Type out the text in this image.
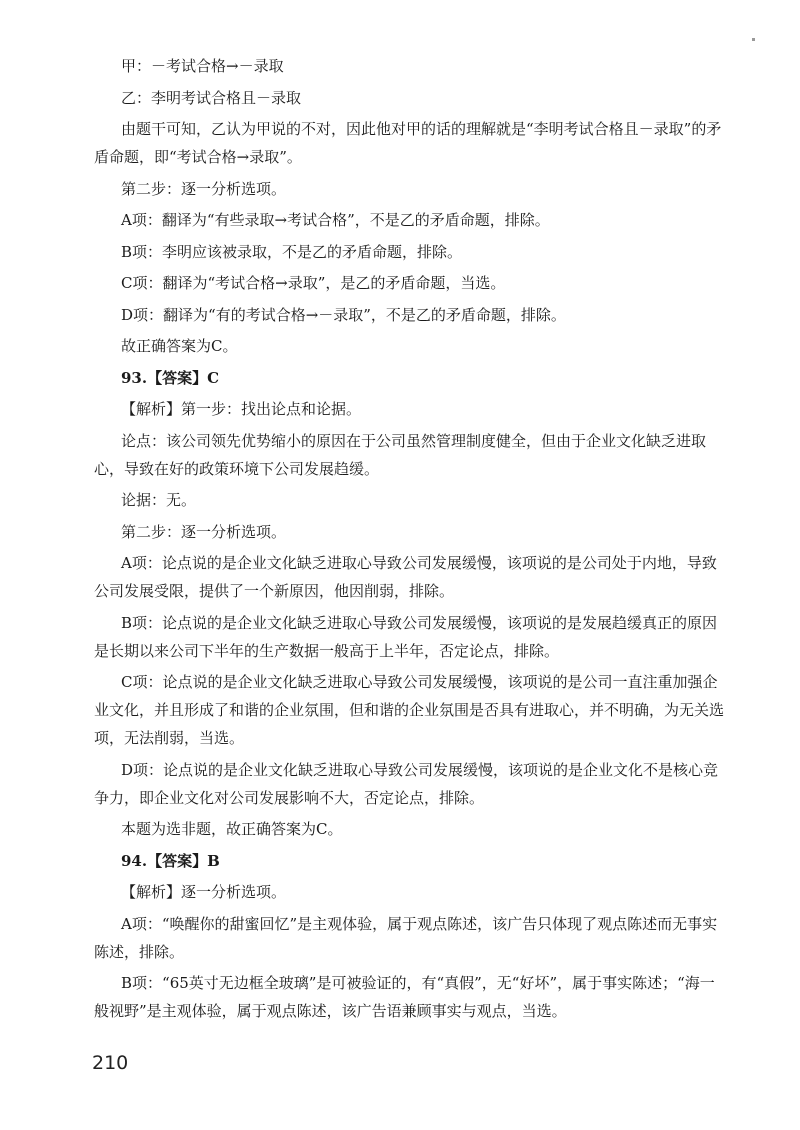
甲：－考试合格→－录取

乙：李明考试合格且－录取

由题干可知，乙认为甲说的不对，因此他对甲的话的理解就是“李明考试合格且－录取”的矛盾命题，即“考试合格→录取”。

第二步：逐一分析选项。

A项：翻译为“有些录取→考试合格”，不是乙的矛盾命题，排除。

B项：李明应该被录取，不是乙的矛盾命题，排除。

C项：翻译为“考试合格→录取”，是乙的矛盾命题，当选。

D项：翻译为“有的考试合格→－录取”，不是乙的矛盾命题，排除。

故正确答案为C。

93.【答案】C

【解析】第一步：找出论点和论据。

论点：该公司领先优势缩小的原因在于公司虽然管理制度健全，但由于企业文化缺乏进取心，导致在好的政策环境下公司发展趋缓。

论据：无。

第二步：逐一分析选项。

A项：论点说的是企业文化缺乏进取心导致公司发展缓慢，该项说的是公司处于内地，导致公司发展受限，提供了一个新原因，他因削弱，排除。

B项：论点说的是企业文化缺乏进取心导致公司发展缓慢，该项说的是发展趋缓真正的原因是长期以来公司下半年的生产数据一般高于上半年，否定论点，排除。

C项：论点说的是企业文化缺乏进取心导致公司发展缓慢，该项说的是公司一直注重加强企业文化，并且形成了和谐的企业氛围，但和谐的企业氛围是否具有进取心，并不明确，为无关选项，无法削弱，当选。

D项：论点说的是企业文化缺乏进取心导致公司发展缓慢，该项说的是企业文化不是核心竞争力，即企业文化对公司发展影响不大，否定论点，排除。

本题为选非题，故正确答案为C。

94.【答案】B

【解析】逐一分析选项。

A项：“唤醒你的甜蜜回忆”是主观体验，属于观点陈述，该广告只体现了观点陈述而无事实陈述，排除。

B项：“65英寸无边框全玻璃”是可被验证的，有“真假”，无“好坏”，属于事实陈述；“海一般视野”是主观体验，属于观点陈述，该广告语兼顾事实与观点，当选。

210
